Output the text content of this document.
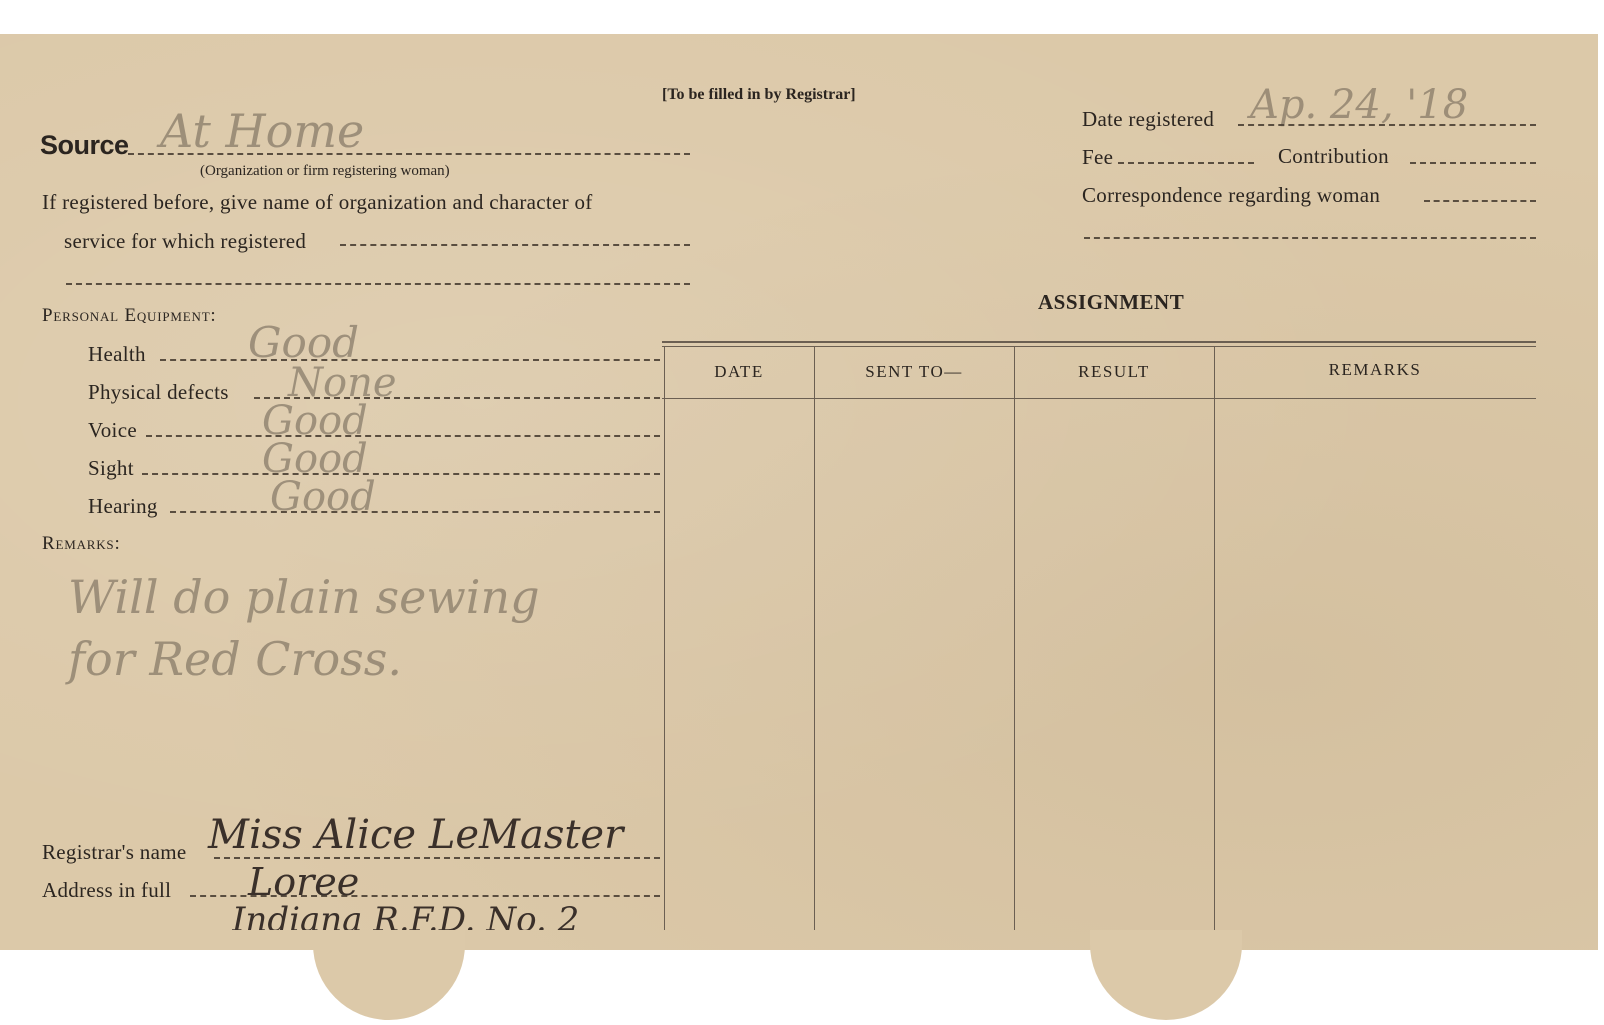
[To be filled in by Registrar]
Source At Home
(Organization or firm registering woman)
If registered before, give name of organization and character of
service for which registered
Date registered Ap. 24, '18
Fee	Contribution
Correspondence regarding woman
Personal Equipment:
Health Good
Physical defects None
Voice	Good
Sight	Good
Hearing	Good
Remarks:
Will do plain sewing
for Red Cross.
Registrar's name Miss Alice LeMaster
Address in full Loree
Indiana R.F.D. No. 2
ASSIGNMENT
DATE	SENT TO—	RESULT	REMARKS
